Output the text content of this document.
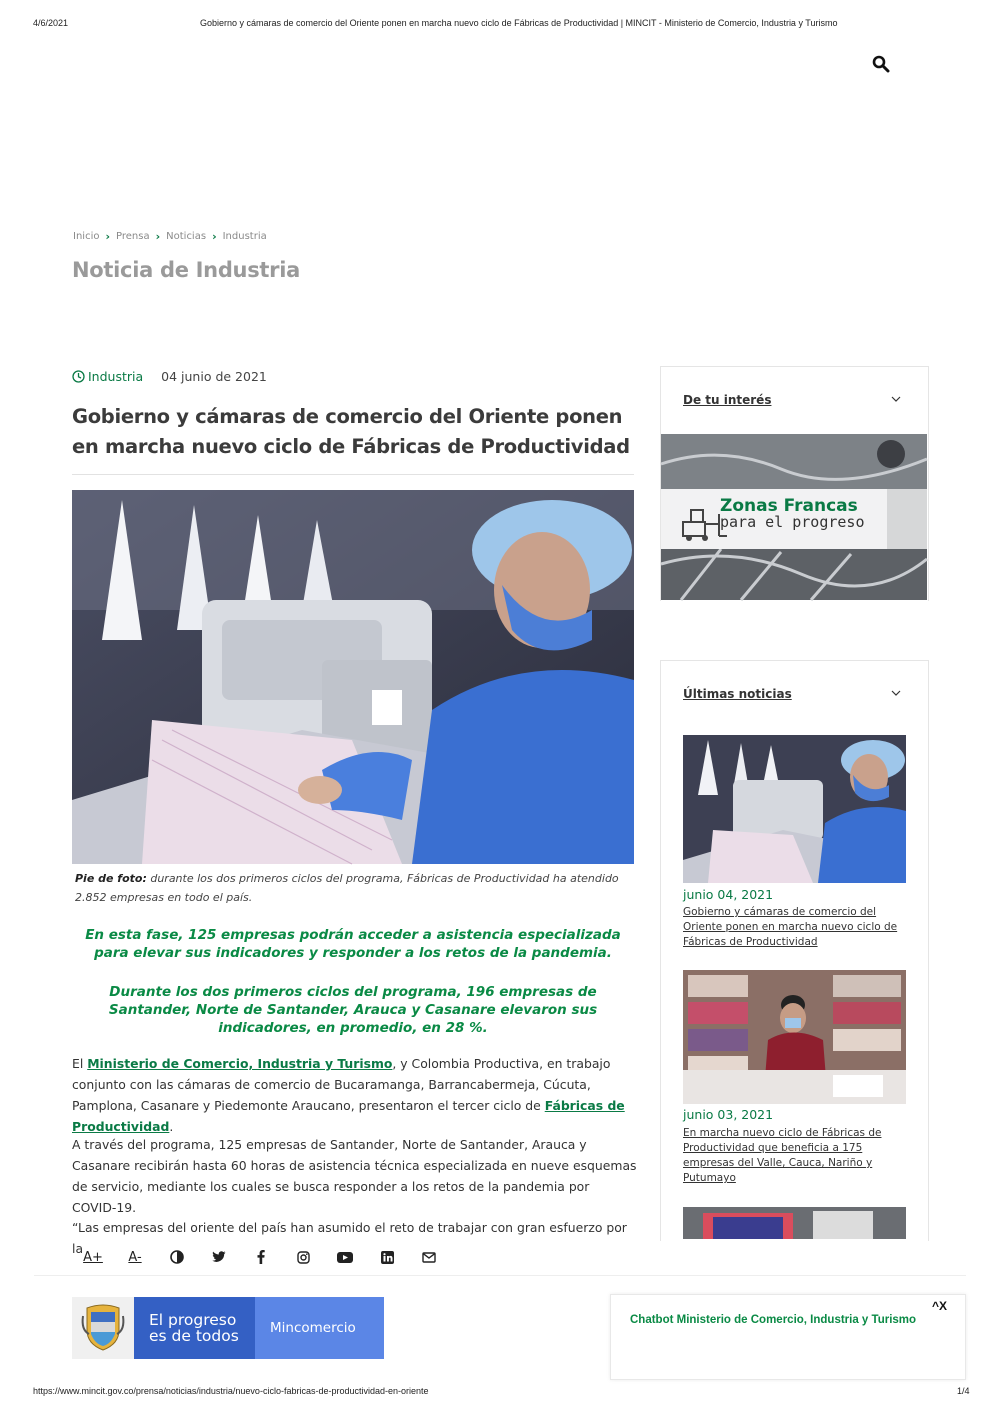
4/6/2021	Gobierno y cámaras de comercio del Oriente ponen en marcha nuevo ciclo de Fábricas de Productividad | MINCIT - Ministerio de Comercio, Industria y Turismo
Inicio › Prensa › Noticias › Industria
Noticia de Industria
Industria 04 junio de 2021
Gobierno y cámaras de comercio del Oriente ponen en marcha nuevo ciclo de Fábricas de Productividad
Pie de foto: durante los dos primeros ciclos del programa, Fábricas de Productividad ha atendido 2.852 empresas en todo el país.
En esta fase, 125 empresas podrán acceder a asistencia especializada para elevar sus indicadores y responder a los retos de la pandemia.
Durante los dos primeros ciclos del programa, 196 empresas de Santander, Norte de Santander, Arauca y Casanare elevaron sus indicadores, en promedio, en 28 %.
El Ministerio de Comercio, Industria y Turismo, y Colombia Productiva, en trabajo conjunto con las cámaras de comercio de Bucaramanga, Barrancabermeja, Cúcuta, Pamplona, Casanare y Piedemonte Araucano, presentaron el tercer ciclo de Fábricas de Productividad.
A través del programa, 125 empresas de Santander, Norte de Santander, Arauca y Casanare recibirán hasta 60 horas de asistencia técnica especializada en nueve esquemas de servicio, mediante los cuales se busca responder a los retos de la pandemia por COVID-19.
“Las empresas del oriente del país han asumido el reto de trabajar con gran esfuerzo por la
De tu interés
Zonas Francas
para el progreso
Últimas noticias
junio 04, 2021
Gobierno y cámaras de comercio del Oriente ponen en marcha nuevo ciclo de Fábricas de Productividad
junio 03, 2021
En marcha nuevo ciclo de Fábricas de Productividad que beneficia a 175 empresas del Valle, Cauca, Nariño y Putumayo
A+	A-
El progreso
es de todos	Mincomercio	Chatbot Ministerio de Comercio, Industria y Turismo
^X
https://www.mincit.gov.co/prensa/noticias/industria/nuevo-ciclo-fabricas-de-productividad-en-oriente	1/4
